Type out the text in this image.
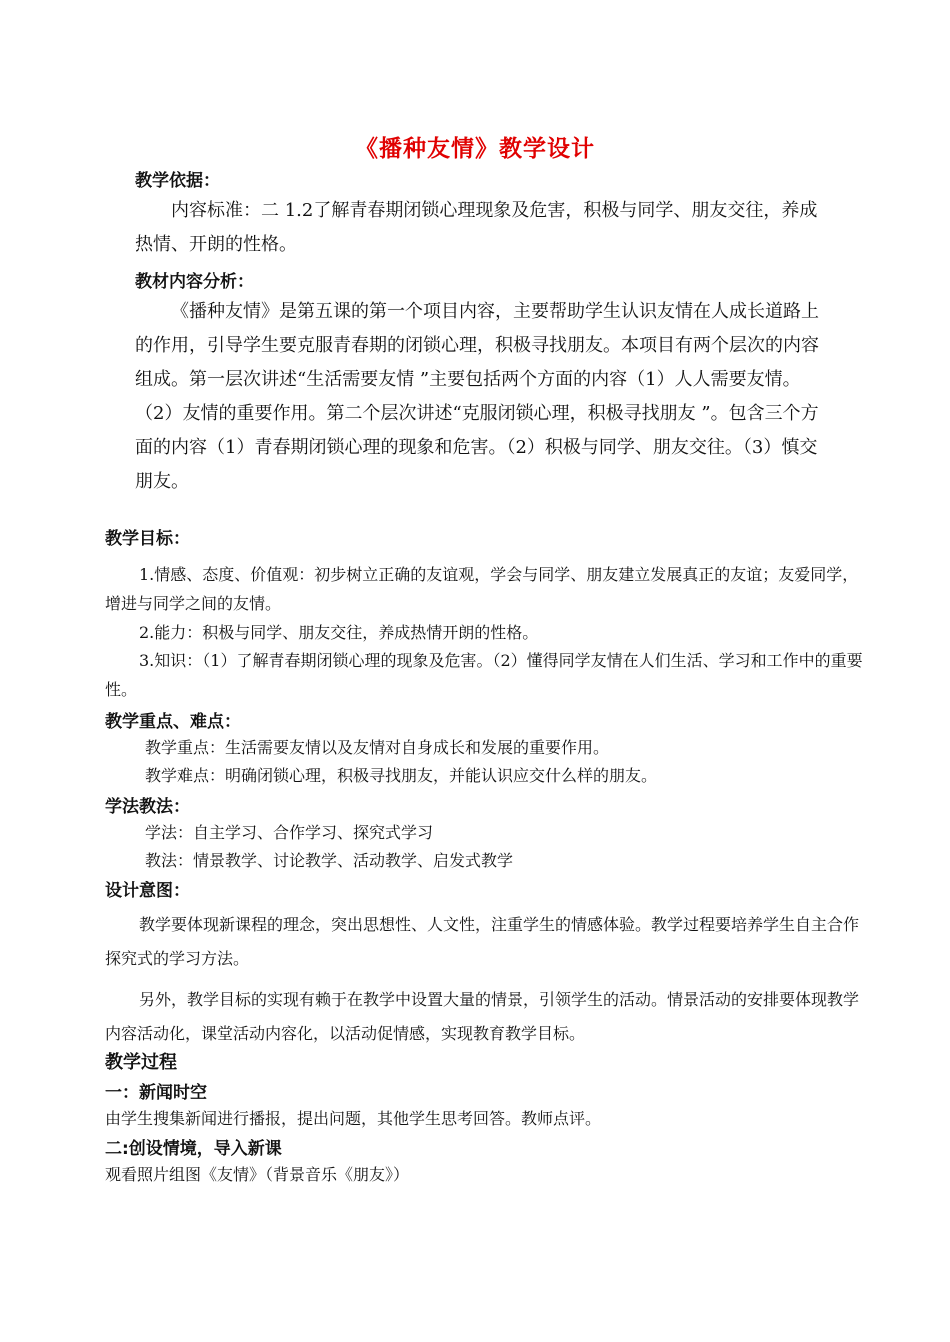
《播种友情》教学设计
教学依据：

内容标准：二 1.2了解青春期闭锁心理现象及危害，积极与同学、朋友交往，养成热情、开朗的性格。

教材内容分析：

《播种友情》是第五课的第一个项目内容，主要帮助学生认识友情在人成长道路上的作用，引导学生要克服青春期的闭锁心理，积极寻找朋友。本项目有两个层次的内容组成。第一层次讲述“生活需要友情 ”主要包括两个方面的内容（1）人人需要友情。（2）友情的重要作用。第二个层次讲述“克服闭锁心理，积极寻找朋友 ”。包含三个方面的内容（1）青春期闭锁心理的现象和危害。（2）积极与同学、朋友交往。（3）慎交朋友。

教学目标：

1.情感、态度、价值观：初步树立正确的友谊观，学会与同学、朋友建立发展真正的友谊；友爱同学，增进与同学之间的友情。

2.能力：积极与同学、朋友交往，养成热情开朗的性格。

3.知识：（1）了解青春期闭锁心理的现象及危害。（2）懂得同学友情在人们生活、学习和工作中的重要性。

教学重点、难点：
教学重点：生活需要友情以及友情对自身成长和发展的重要作用。
教学难点：明确闭锁心理，积极寻找朋友，并能认识应交什么样的朋友。
学法教法：
学法：自主学习、合作学习、探究式学习
教法：情景教学、讨论教学、活动教学、启发式教学
设计意图：

教学要体现新课程的理念，突出思想性、人文性，注重学生的情感体验。教学过程要培养学生自主合作探究式的学习方法。

另外，教学目标的实现有赖于在教学中设置大量的情景，引领学生的活动。情景活动的安排要体现教学内容活动化，课堂活动内容化，以活动促情感，实现教育教学目标。

教学过程
一：新闻时空
由学生搜集新闻进行播报，提出问题，其他学生思考回答。教师点评。
二:创设情境，导入新课
观看照片组图《友情》（背景音乐《朋友》）
